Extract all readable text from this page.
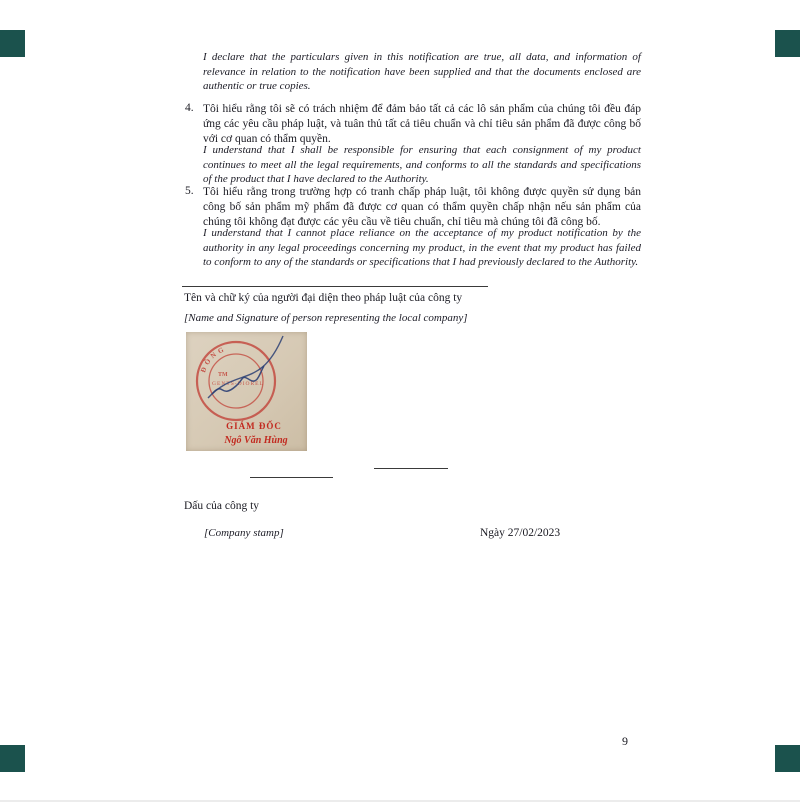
I declare that the particulars given in this notification are true, all data, and information of relevance in relation to the notification have been supplied and that the documents enclosed are authentic or true copies.
4. Tôi hiểu rằng tôi sẽ có trách nhiệm để đảm bảo tất cả các lô sản phẩm của chúng tôi đều đáp ứng các yêu cầu pháp luật, và tuân thủ tất cả tiêu chuẩn và chỉ tiêu sản phẩm đã được công bố với cơ quan có thẩm quyền.
I understand that I shall be responsible for ensuring that each consignment of my product continues to meet all the legal requirements, and conforms to all the standards and specifications of the product that I have declared to the Authority.
5. Tôi hiểu rằng trong trường hợp có tranh chấp pháp luật, tôi không được quyền sử dụng bản công bố sản phẩm mỹ phẩm đã được cơ quan có thẩm quyền chấp nhận nếu sản phẩm của chúng tôi không đạt được các yêu cầu về tiêu chuẩn, chỉ tiêu mà chúng tôi đã công bố.
I understand that I cannot place reliance on the acceptance of my product notification by the authority in any legal proceedings concerning my product, in the event that my product has failed to conform to any of the standards or specifications that I had previously declared to the Authority.
Tên và chữ ký của người đại diện theo pháp luật của công ty
[Name and Signature of person representing the local company]
ĐỒNG
TM
GENTS-DIOREL
GIÁM ĐỐC
Ngô Văn Hùng
Dấu của công ty
[Company stamp]	Ngày 27/02/2023
9
